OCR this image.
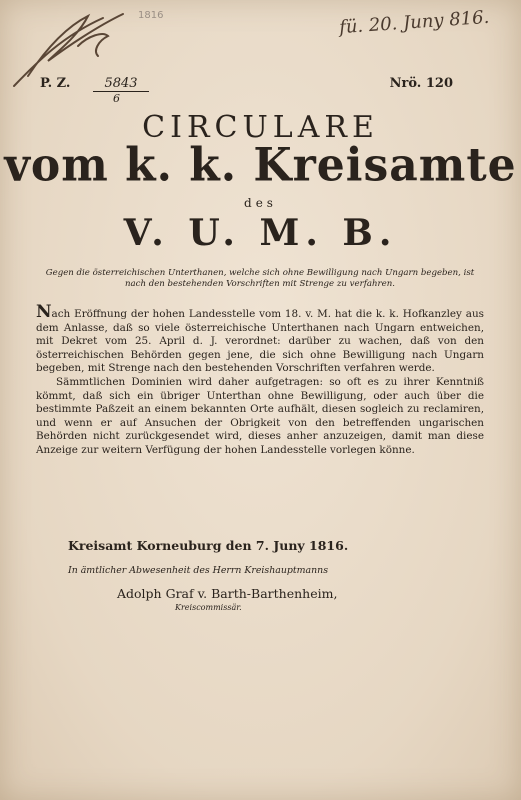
1816	fü. 20. Juny 816.
P. Z.	5843
6
Nrö. 120
CIRCULARE
vom k. k. Kreisamte
des
V. U. M. B.
Gegen die österreichischen Unterthanen, welche sich ohne Bewilligung nach Ungarn begeben, ist nach den bestehenden Vorschriften mit Strenge zu verfahren.

Nach Eröffnung der hohen Landesstelle vom 18. v. M. hat die k. k. Hofkanzley aus dem Anlasse, daß so viele österreichische Unterthanen nach Ungarn entweichen, mit Dekret vom 25. April d. J. verordnet: darüber zu wachen, daß von den österreichischen Behörden gegen jene, die sich ohne Bewilligung nach Ungarn begeben, mit Strenge nach den bestehenden Vorschriften verfahren werde.

Sämmtlichen Dominien wird daher aufgetragen: so oft es zu ihrer Kenntniß kömmt, daß sich ein übriger Unterthan ohne Bewilligung, oder auch über die bestimmte Paßzeit an einem bekannten Orte aufhält, diesen sogleich zu reclamiren, und wenn er auf Ansuchen der Obrigkeit von den betreffenden ungarischen Behörden nicht zurückgesendet wird, dieses anher anzuzeigen, damit man diese Anzeige zur weitern Verfügung der hohen Landesstelle vorlegen könne.

Kreisamt Korneuburg den 7. Juny 1816.
In ämtlicher Abwesenheit des Herrn Kreishauptmanns
Adolph Graf v. Barth-Barthenheim,
Kreiscommissär.
